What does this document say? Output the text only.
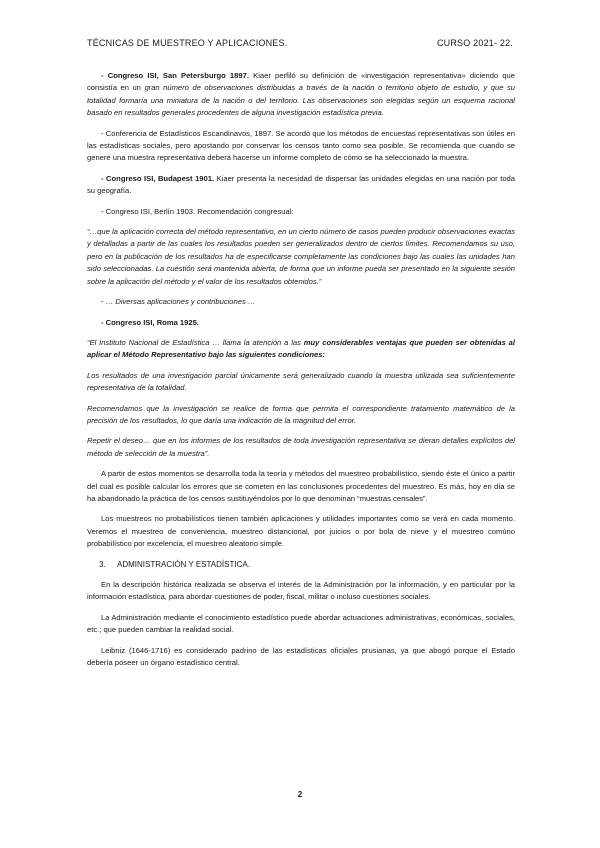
TÉCNICAS DE MUESTREO Y APLICACIONES.	CURSO 2021- 22.

- Congreso ISI, San Petersburgo 1897. Kiaer perfiló su definición de «investigación representativa» diciendo que consistía en un gran número de observaciones distribuidas a través de la nación o territorio objeto de estudio, y que su totalidad formaría una miniatura de la nación o del territorio. Las observaciones son elegidas según un esquema racional basado en resultados generales procedentes de alguna investigación estadística previa.

- Conferencia de Estadísticos Escandinavos, 1897. Se acordó que los métodos de encuestas representativas son útiles en las estadísticas sociales, pero apostando por conservar los censos tanto como sea posible. Se recomienda que cuando se genere una muestra representativa deberá hacerse un informe completo de cómo se ha seleccionado la muestra.

- Congreso ISI, Budapest 1901. Kiaer presenta la necesidad de dispersar las unidades elegidas en una nación por toda su geografía.

- Congreso ISI, Berlín 1903. Recomendación congresual:

“…que la aplicación correcta del método representativo, en un cierto número de casos pueden producir observaciones exactas y detalladas a partir de las cuales los resultados pueden ser generalizados dentro de ciertos límites. Recomendamos su uso, pero en la publicación de los resultados ha de especificarse completamente las condiciones bajo las cuales las unidades han sido seleccionadas. La cuestión será mantenida abierta, de forma que un informe pueda ser presentado en la siguiente sesión sobre la aplicación del método y el valor de los resultados obtenidos.”

- … Diversas aplicaciones y contribuciones …

- Congreso ISI, Roma 1925.

“El Instituto Nacional de Estadística … llama la atención a las muy considerables ventajas que pueden ser obtenidas al aplicar el Método Representativo bajo las siguientes condiciones:

Los resultados de una investigación parcial únicamente será generalizado cuando la muestra utilizada sea suficientemente representativa de la totalidad.

Recomendamos que la investigación se realice de forma que permita el correspondiente tratamiento matemático de la precisión de los resultados, lo que daría una indicación de la magnitud del error.

Repetir el deseo… que en los informes de los resultados de toda investigación representativa se dieran detalles explícitos del método de selección de la muestra”.

A partir de estos momentos se desarrolla toda la teoría y métodos del muestreo probabilístico, siendo éste el único a partir del cual es posible calcular los errores que se cometen en las conclusiones procedentes del muestreo. Es más, hoy en día se ha abandonado la práctica de los censos sustituyéndolos por lo que denominan “muestras censales”.

Los muestreos no probabilísticos tienen también aplicaciones y utilidades importantes como se verá en cada momento. Veremos el muestreo de conveniencia, muestreo distancional, por juicios o por bola de nieve y el muestreo comúno probabilístico por excelencia, el muestreo aleatorio simple.

3. ADMINISTRACIÓN Y ESTADÍSTICA.

En la descripción histórica realizada se observa el interés de la Administración por la información, y en particular por la información estadística, para abordar cuestiones de poder, fiscal, militar o incluso cuestiones sociales.

La Administración mediante el conocimiento estadístico puede abordar actuaciones administrativas, económicas, sociales, etc.; que pueden cambiar la realidad social.

Leibniz (1646-1716) es considerado padrino de las estadísticas oficiales prusianas, ya que abogó porque el Estado debería poseer un órgano estadístico central.

2
